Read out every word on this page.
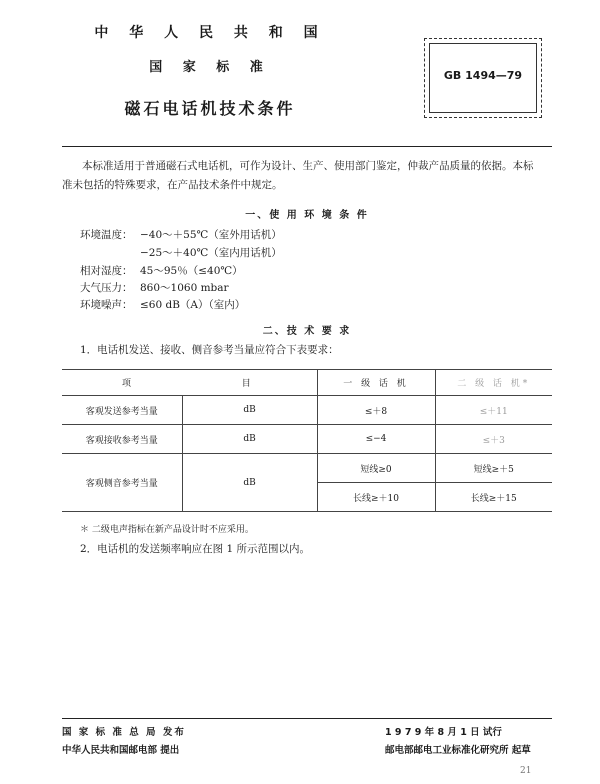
中 华 人 民 共 和 国
国 家 标 准
磁石电话机技术条件
GB 1494—79
本标准适用于普通磁石式电话机，可作为设计、生产、使用部门鉴定，仲裁产品质量的依据。本标
准未包括的特殊要求，在产品技术条件中规定。
一、使 用 环 境 条 件
环境温度： −40～＋55℃（室外用话机）
−25～＋40℃（室内用话机）
相对湿度： 45～95％（≤40℃）
大气压力： 860～1060 mbar
环境噪声： ≤60 dB（A）（室内）
二、技 术 要 求
1．电话机发送、接收、侧音参考当量应符合下表要求：
项	目	一 级 话 机	二 级 话 机*
客观发送参考当量	dB	≤＋8	≤＋11
客观接收参考当量	dB	≤−4	≤＋3
客观侧音参考当量	dB	短线≥0	短线≥＋5
		长线≥＋10	长线≥＋15
＊ 二级电声指标在新产品设计时不应采用。
2．电话机的发送频率响应在图 1 所示范围以内。
国 家 标 准 总 局 发布	1 9 7 9 年 8 月 1 日 试行
中华人民共和国邮电部 提出	邮电部邮电工业标准化研究所 起草
21
